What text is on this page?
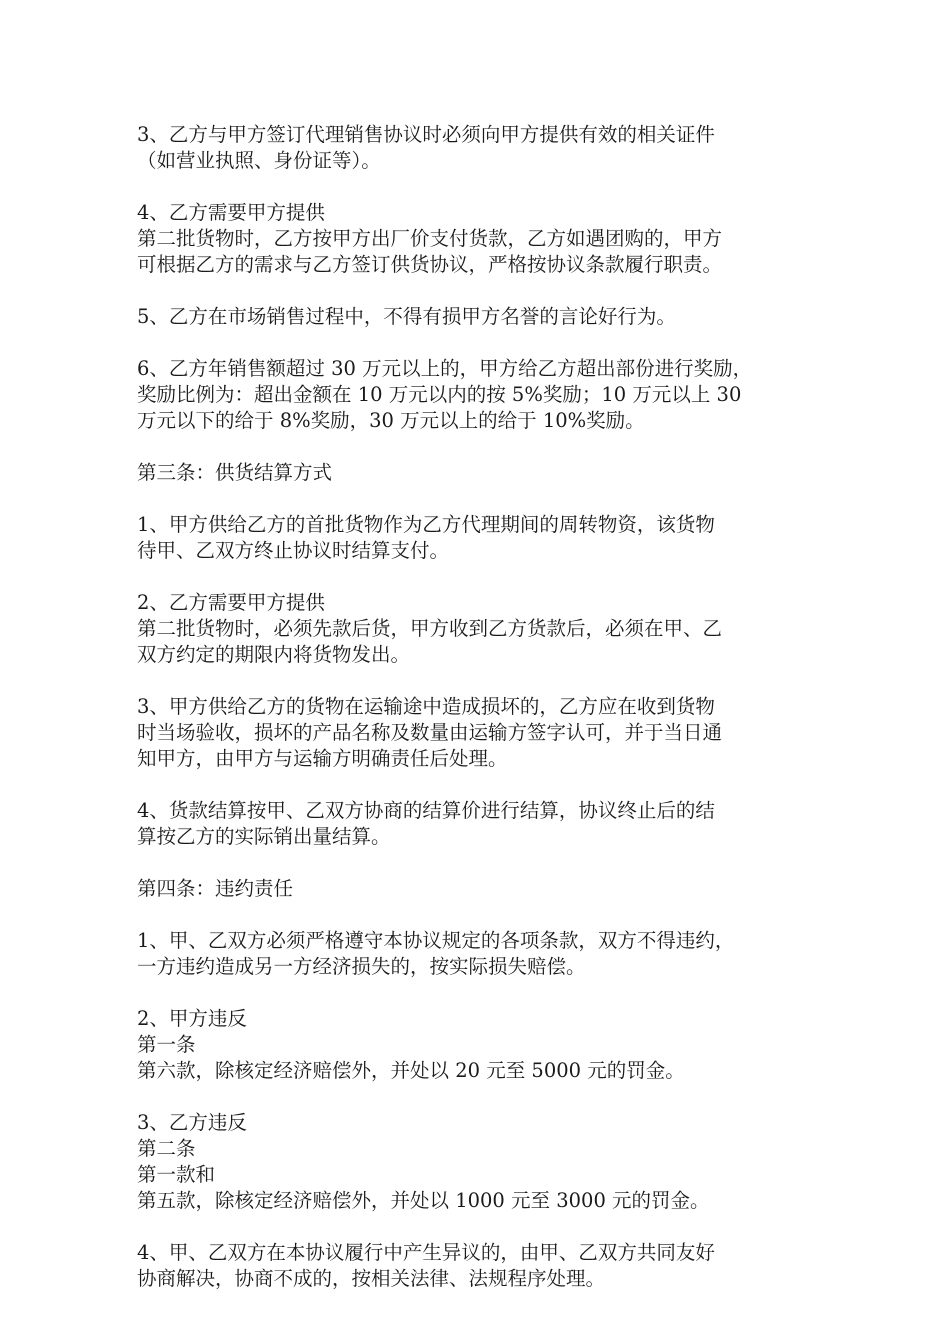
3、乙方与甲方签订代理销售协议时必须向甲方提供有效的相关证件
（如营业执照、身份证等）。
4、乙方需要甲方提供
第二批货物时，乙方按甲方出厂价支付货款，乙方如遇团购的，甲方
可根据乙方的需求与乙方签订供货协议，严格按协议条款履行职责。
5、乙方在市场销售过程中，不得有损甲方名誉的言论好行为。
6、乙方年销售额超过 30 万元以上的，甲方给乙方超出部份进行奖励，
奖励比例为：超出金额在 10 万元以内的按 5%奖励；10 万元以上 30
万元以下的给于 8%奖励，30 万元以上的给于 10%奖励。
第三条：供货结算方式
1、甲方供给乙方的首批货物作为乙方代理期间的周转物资，该货物
待甲、乙双方终止协议时结算支付。
2、乙方需要甲方提供
第二批货物时，必须先款后货，甲方收到乙方货款后，必须在甲、乙
双方约定的期限内将货物发出。
3、甲方供给乙方的货物在运输途中造成损坏的，乙方应在收到货物
时当场验收，损坏的产品名称及数量由运输方签字认可，并于当日通
知甲方，由甲方与运输方明确责任后处理。
4、货款结算按甲、乙双方协商的结算价进行结算，协议终止后的结
算按乙方的实际销出量结算。
第四条：违约责任
1、甲、乙双方必须严格遵守本协议规定的各项条款，双方不得违约，
一方违约造成另一方经济损失的，按实际损失赔偿。
2、甲方违反
第一条
第六款，除核定经济赔偿外，并处以 20 元至 5000 元的罚金。
3、乙方违反
第二条
第一款和
第五款，除核定经济赔偿外，并处以 1000 元至 3000 元的罚金。
4、甲、乙双方在本协议履行中产生异议的，由甲、乙双方共同友好
协商解决，协商不成的，按相关法律、法规程序处理。
